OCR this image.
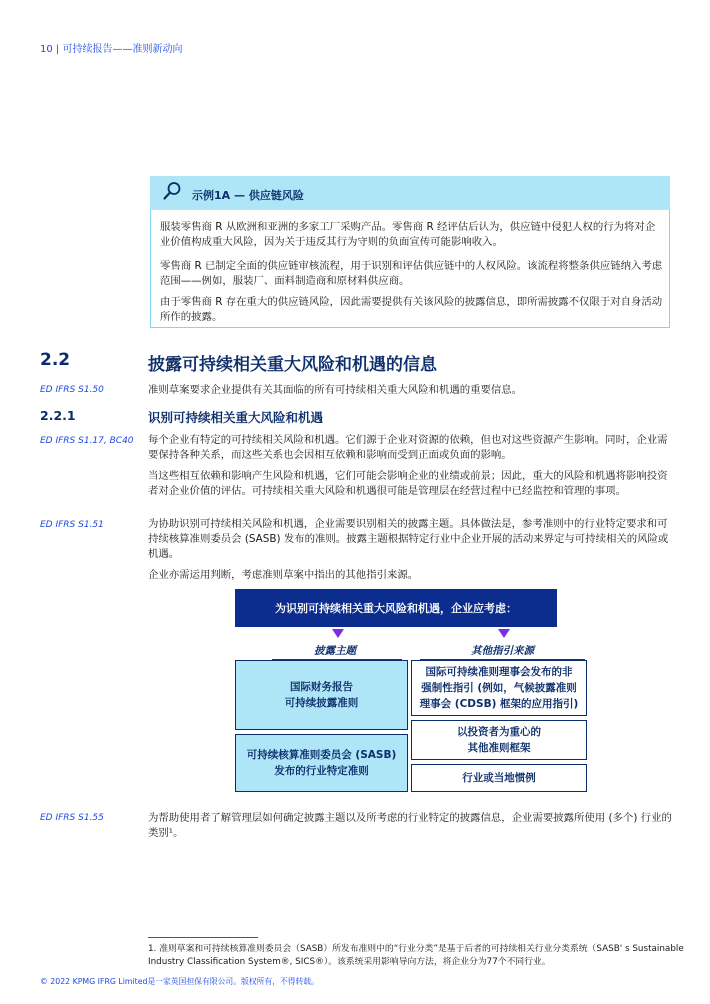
10 | 可持续报告——准则新动向
示例1A — 供应链风险
服装零售商 R 从欧洲和亚洲的多家工厂采购产品。零售商 R 经评估后认为，供应链中侵犯人权的行为将对企业价值构成重大风险，因为关于违反其行为守则的负面宣传可能影响收入。
零售商 R 已制定全面的供应链审核流程，用于识别和评估供应链中的人权风险。该流程将整条供应链纳入考虑范围——例如，服装厂、面料制造商和原材料供应商。
由于零售商 R 存在重大的供应链风险，因此需要提供有关该风险的披露信息，即所需披露不仅限于对自身活动所作的披露。
2.2	披露可持续相关重大风险和机遇的信息
ED IFRS S1.50	准则草案要求企业提供有关其面临的所有可持续相关重大风险和机遇的重要信息。
2.2.1	识别可持续相关重大风险和机遇
ED IFRS S1.17, BC40 每个企业有特定的可持续相关风险和机遇。它们源于企业对资源的依赖，但也对这些资源产生影响。同时，企业需要保持各种关系，而这些关系也会因相互依赖和影响而受到正面或负面的影响。
当这些相互依赖和影响产生风险和机遇，它们可能会影响企业的业绩或前景；因此，重大的风险和机遇将影响投资者对企业价值的评估。可持续相关重大风险和机遇很可能是管理层在经营过程中已经监控和管理的事项。
ED IFRS S1.51	为协助识别可持续相关风险和机遇，企业需要识别相关的披露主题。具体做法是，参考准则中的行业特定要求和可持续核算准则委员会 (SASB) 发布的准则。披露主题根据特定行业中企业开展的活动来界定与可持续相关的风险或机遇。
企业亦需运用判断，考虑准则草案中指出的其他指引来源。
为识别可持续相关重大风险和机遇，企业应考虑：
披露主题	其他指引来源
国际财务报告
可持续披露准则
可持续核算准则委员会 (SASB)
发布的行业特定准则
国际可持续准则理事会发布的非
强制性指引 (例如，气候披露准则
理事会 (CDSB) 框架的应用指引)
以投资者为重心的
其他准则框架
行业或当地惯例
ED IFRS S1.55	为帮助使用者了解管理层如何确定披露主题以及所考虑的行业特定的披露信息，企业需要披露所使用 (多个) 行业的类别¹。
1. 准则草案和可持续核算准则委员会（SASB）所发布准则中的“行业分类”是基于后者的可持续相关行业分类系统（SASB' s Sustainable Industry Classification System®, SICS®）。该系统采用影响导向方法，将企业分为77个不同行业。
© 2022 KPMG IFRG Limited是一家英国担保有限公司。版权所有，不得转载。
